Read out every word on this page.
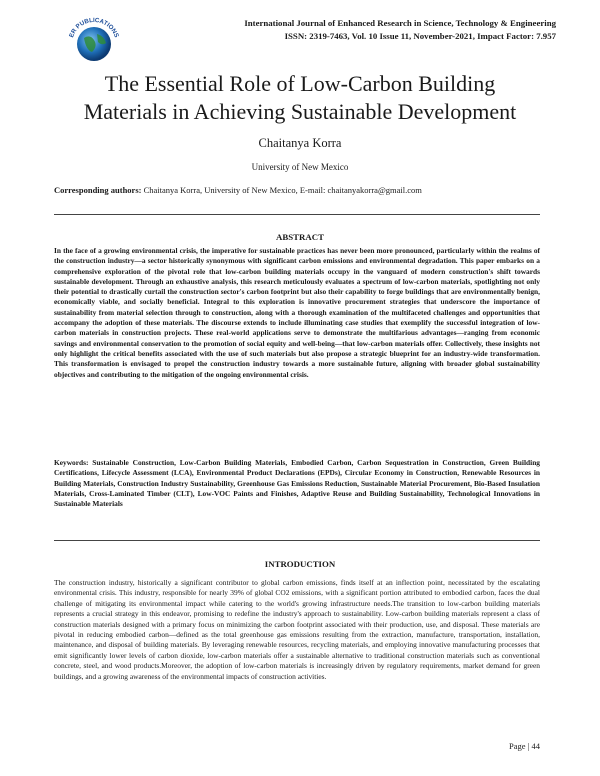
ER PUBLICATIONS
International Journal of Enhanced Research in Science, Technology & Engineering
ISSN: 2319-7463, Vol. 10 Issue 11, November-2021, Impact Factor: 7.957
The Essential Role of Low-Carbon Building
Materials in Achieving Sustainable Development
Chaitanya Korra
University of New Mexico
Corresponding authors: Chaitanya Korra, University of New Mexico, E-mail: chaitanyakorra@gmail.com
ABSTRACT

In the face of a growing environmental crisis, the imperative for sustainable practices has never been more pronounced, particularly within the realms of the construction industry—a sector historically synonymous with significant carbon emissions and environmental degradation. This paper embarks on a comprehensive exploration of the pivotal role that low-carbon building materials occupy in the vanguard of modern construction's shift towards sustainable development. Through an exhaustive analysis, this research meticulously evaluates a spectrum of low-carbon materials, spotlighting not only their potential to drastically curtail the construction sector's carbon footprint but also their capability to forge buildings that are environmentally benign, economically viable, and socially beneficial. Integral to this exploration is innovative procurement strategies that underscore the importance of sustainability from material selection through to construction, along with a thorough examination of the multifaceted challenges and opportunities that accompany the adoption of these materials. The discourse extends to include illuminating case studies that exemplify the successful integration of low-carbon materials in construction projects. These real-world applications serve to demonstrate the multifarious advantages—ranging from economic savings and environmental conservation to the promotion of social equity and well-being—that low-carbon materials offer. Collectively, these insights not only highlight the critical benefits associated with the use of such materials but also propose a strategic blueprint for an industry-wide transformation. This transformation is envisaged to propel the construction industry towards a more sustainable future, aligning with broader global sustainability objectives and contributing to the mitigation of the ongoing environmental crisis.

Keywords: Sustainable Construction, Low-Carbon Building Materials, Embodied Carbon, Carbon Sequestration in Construction, Green Building Certifications, Lifecycle Assessment (LCA), Environmental Product Declarations (EPDs), Circular Economy in Construction, Renewable Resources in Building Materials, Construction Industry Sustainability, Greenhouse Gas Emissions Reduction, Sustainable Material Procurement, Bio-Based Insulation Materials, Cross-Laminated Timber (CLT), Low-VOC Paints and Finishes, Adaptive Reuse and Building Sustainability, Technological Innovations in Sustainable Materials

INTRODUCTION

The construction industry, historically a significant contributor to global carbon emissions, finds itself at an inflection point, necessitated by the escalating environmental crisis. This industry, responsible for nearly 39% of global CO2 emissions, with a significant portion attributed to embodied carbon, faces the dual challenge of mitigating its environmental impact while catering to the world's growing infrastructure needs.The transition to low-carbon building materials represents a crucial strategy in this endeavor, promising to redefine the industry's approach to sustainability. Low-carbon building materials represent a class of construction materials designed with a primary focus on minimizing the carbon footprint associated with their production, use, and disposal. These materials are pivotal in reducing embodied carbon—defined as the total greenhouse gas emissions resulting from the extraction, manufacture, transportation, installation, maintenance, and disposal of building materials. By leveraging renewable resources, recycling materials, and employing innovative manufacturing processes that emit significantly lower levels of carbon dioxide, low-carbon materials offer a sustainable alternative to traditional construction materials such as conventional concrete, steel, and wood products.Moreover, the adoption of low-carbon materials is increasingly driven by regulatory requirements, market demand for green buildings, and a growing awareness of the environmental impacts of construction activities.

Page | 44
